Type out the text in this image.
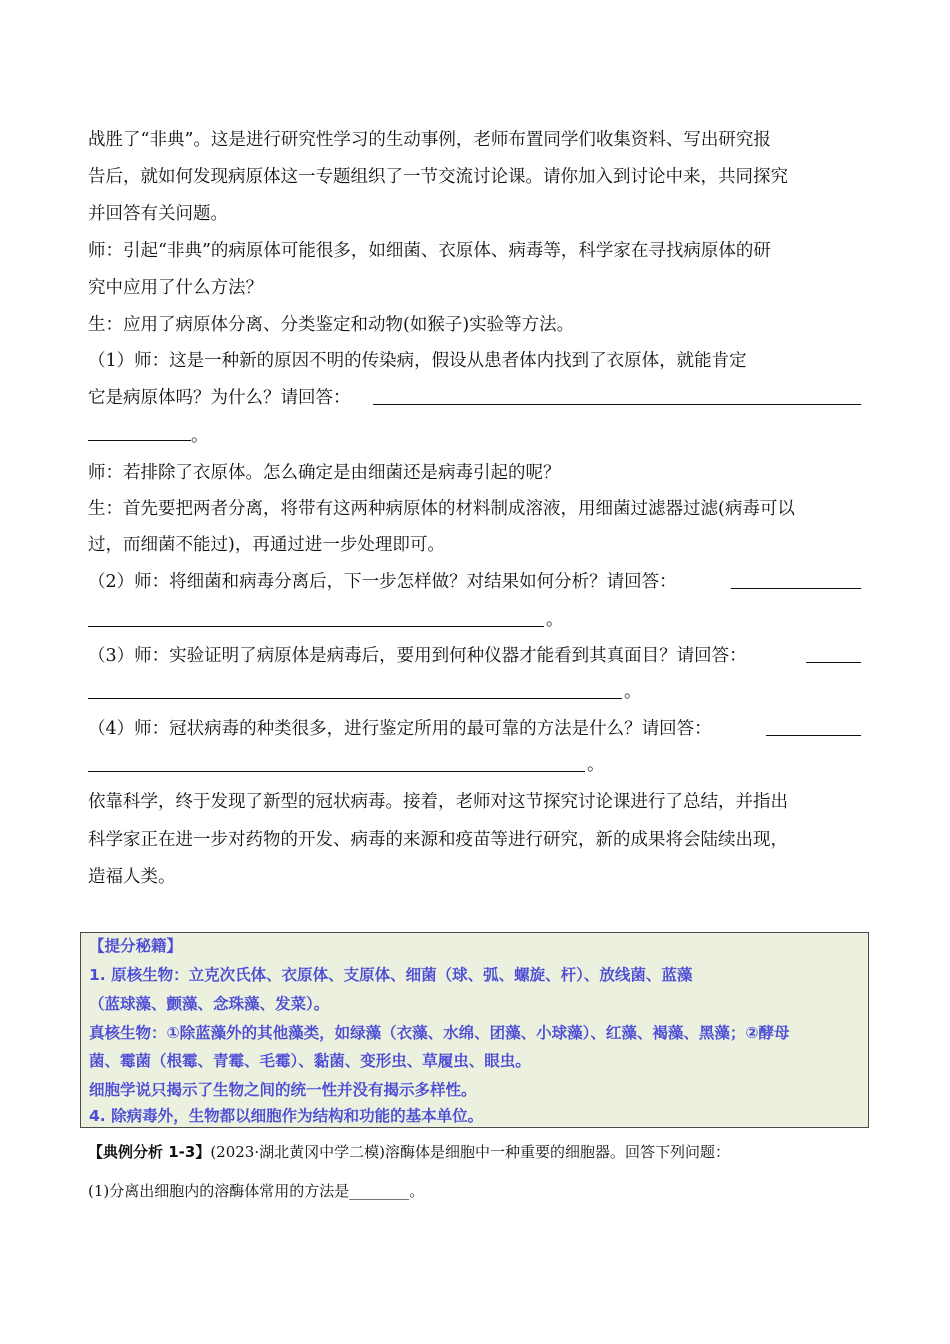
战胜了“非典”。这是进行研究性学习的生动事例，老师布置同学们收集资料、写出研究报
告后，就如何发现病原体这一专题组织了一节交流讨论课。请你加入到讨论中来，共同探究
并回答有关问题。
师：引起“非典”的病原体可能很多，如细菌、衣原体、病毒等，科学家在寻找病原体的研
究中应用了什么方法？
生：应用了病原体分离、分类鉴定和动物(如猴子)实验等方法。
（1）师：这是一种新的原因不明的传染病，假设从患者体内找到了衣原体，就能肯定
它是病原体吗？为什么？请回答：
。
师：若排除了衣原体。怎么确定是由细菌还是病毒引起的呢？
生：首先要把两者分离，将带有这两种病原体的材料制成溶液，用细菌过滤器过滤(病毒可以
过，而细菌不能过)，再通过进一步处理即可。
（2）师：将细菌和病毒分离后，下一步怎样做？对结果如何分析？请回答：
。
（3）师：实验证明了病原体是病毒后，要用到何种仪器才能看到其真面目？请回答：
。
（4）师：冠状病毒的种类很多，进行鉴定所用的最可靠的方法是什么？请回答：
。
依靠科学，终于发现了新型的冠状病毒。接着，老师对这节探究讨论课进行了总结，并指出
科学家正在进一步对药物的开发、病毒的来源和疫苗等进行研究，新的成果将会陆续出现，
造福人类。
【提分秘籍】
1. 原核生物：立克次氏体、衣原体、支原体、细菌（球、弧、螺旋、杆）、放线菌、蓝藻
（蓝球藻、颤藻、念珠藻、发菜）。
真核生物：①除蓝藻外的其他藻类，如绿藻（衣藻、水绵、团藻、小球藻）、红藻、褐藻、黑藻；②酵母
菌、霉菌（根霉、青霉、毛霉）、黏菌、变形虫、草履虫、眼虫。
细胞学说只揭示了生物之间的统一性并没有揭示多样性。
4. 除病毒外，生物都以细胞作为结构和功能的基本单位。
【典例分析 1-3】(2023·湖北黄冈中学二模)溶酶体是细胞中一种重要的细胞器。回答下列问题：
(1)分离出细胞内的溶酶体常用的方法是________。
